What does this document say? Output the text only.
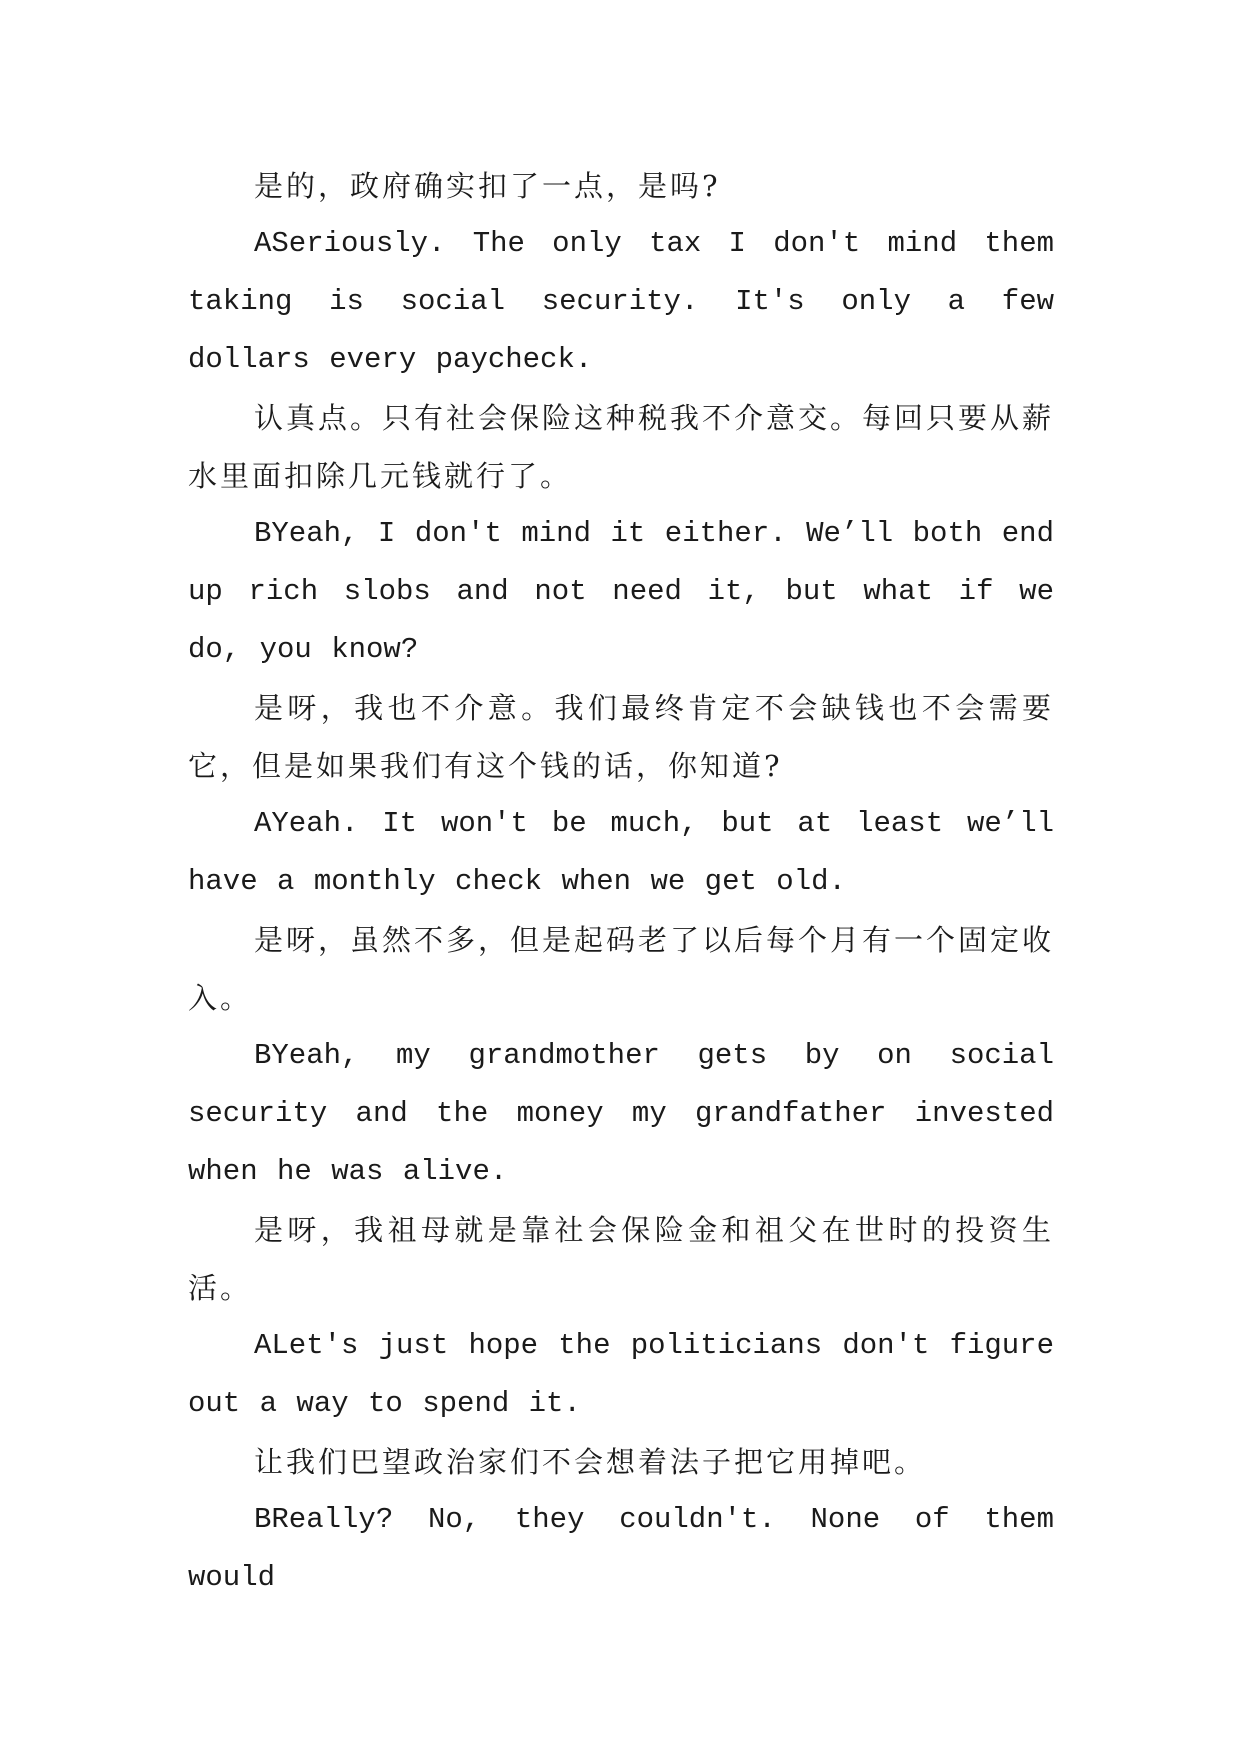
是的，政府确实扣了一点，是吗?

ASeriously. The only tax I don't mind them taking is social security. It's only a few dollars every paycheck.

认真点。只有社会保险这种税我不介意交。每回只要从薪水里面扣除几元钱就行了。

BYeah, I don't mind it either. We’ll both end up rich slobs and not need it, but what if we do, you know?

是呀，我也不介意。我们最终肯定不会缺钱也不会需要它，但是如果我们有这个钱的话，你知道?

AYeah. It won't be much, but at least we’ll have a monthly check when we get old.

是呀，虽然不多，但是起码老了以后每个月有一个固定收入。

BYeah, my grandmother gets by on social security and the money my grandfather invested when he was alive.

是呀，我祖母就是靠社会保险金和祖父在世时的投资生活。

ALet's just hope the politicians don't figure out a way to spend it.

让我们巴望政治家们不会想着法子把它用掉吧。

BReally? No, they couldn't. None of them would
